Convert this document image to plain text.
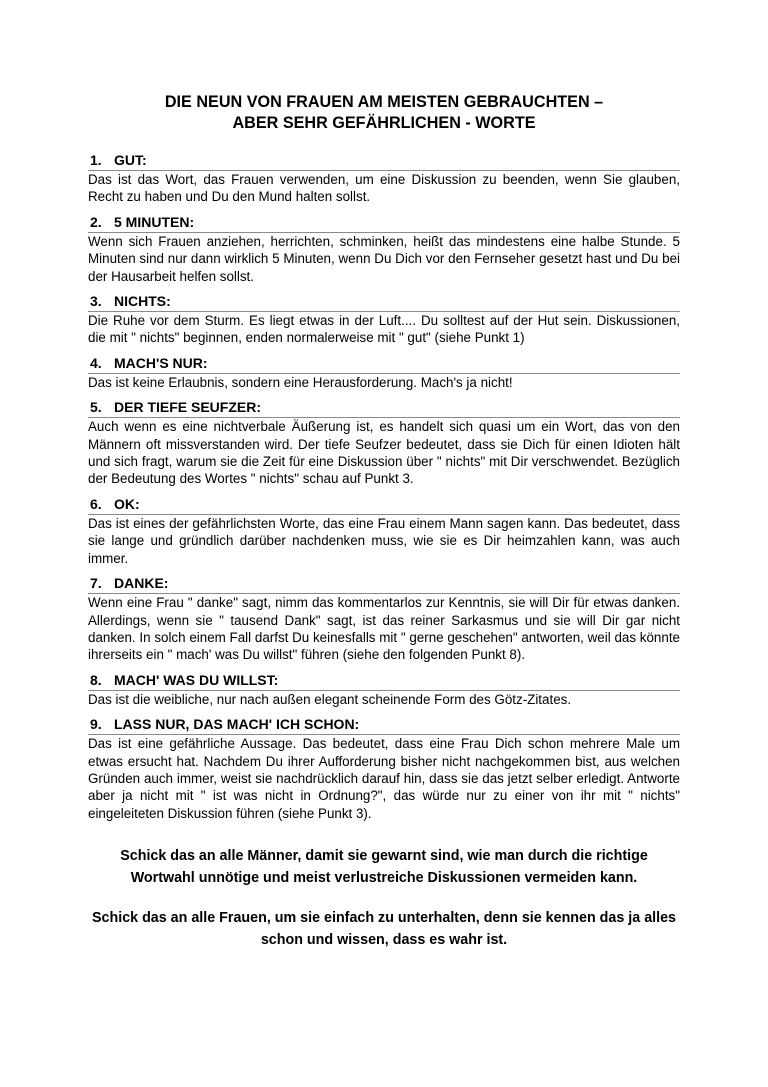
DIE NEUN VON FRAUEN AM MEISTEN GEBRAUCHTEN –
ABER SEHR GEFÄHRLICHEN - WORTE
1. GUT:
Das ist das Wort, das Frauen verwenden, um eine Diskussion zu beenden, wenn Sie glauben, Recht zu haben und Du den Mund halten sollst.
2. 5 MINUTEN:
Wenn sich Frauen anziehen, herrichten, schminken, heißt das mindestens eine halbe Stunde. 5 Minuten sind nur dann wirklich 5 Minuten, wenn Du Dich vor den Fernseher gesetzt hast und Du bei der Hausarbeit helfen sollst.
3. NICHTS:
Die Ruhe vor dem Sturm. Es liegt etwas in der Luft.... Du solltest auf der Hut sein. Diskussionen, die mit " nichts" beginnen, enden normalerweise mit " gut" (siehe Punkt 1)
4. MACH'S NUR:
Das ist keine Erlaubnis, sondern eine Herausforderung. Mach's ja nicht!
5. DER TIEFE SEUFZER:
Auch wenn es eine nichtverbale Äußerung ist, es handelt sich quasi um ein Wort, das von den Männern oft missverstanden wird. Der tiefe Seufzer bedeutet, dass sie Dich für einen Idioten hält und sich fragt, warum sie die Zeit für eine Diskussion über " nichts" mit Dir verschwendet. Bezüglich der Bedeutung des Wortes " nichts" schau auf Punkt 3.
6. OK:
Das ist eines der gefährlichsten Worte, das eine Frau einem Mann sagen kann. Das bedeutet, dass sie lange und gründlich darüber nachdenken muss, wie sie es Dir heimzahlen kann, was auch immer.
7. DANKE:
Wenn eine Frau " danke" sagt, nimm das kommentarlos zur Kenntnis, sie will Dir für etwas danken. Allerdings, wenn sie " tausend Dank" sagt, ist das reiner Sarkasmus und sie will Dir gar nicht danken. In solch einem Fall darfst Du keinesfalls mit " gerne geschehen" antworten, weil das könnte ihrerseits ein " mach' was Du willst" führen (siehe den folgenden Punkt 8).
8. MACH' WAS DU WILLST:
Das ist die weibliche, nur nach außen elegant scheinende Form des Götz-Zitates.
9. LASS NUR, DAS MACH' ICH SCHON:
Das ist eine gefährliche Aussage. Das bedeutet, dass eine Frau Dich schon mehrere Male um etwas ersucht hat. Nachdem Du ihrer Aufforderung bisher nicht nachgekommen bist, aus welchen Gründen auch immer, weist sie nachdrücklich darauf hin, dass sie das jetzt selber erledigt. Antworte aber ja nicht mit " ist was nicht in Ordnung?", das würde nur zu einer von ihr mit " nichts" eingeleiteten Diskussion führen (siehe Punkt 3).

Schick das an alle Männer, damit sie gewarnt sind, wie man durch die richtige Wortwahl unnötige und meist verlustreiche Diskussionen vermeiden kann.

Schick das an alle Frauen, um sie einfach zu unterhalten, denn sie kennen das ja alles schon und wissen, dass es wahr ist.
